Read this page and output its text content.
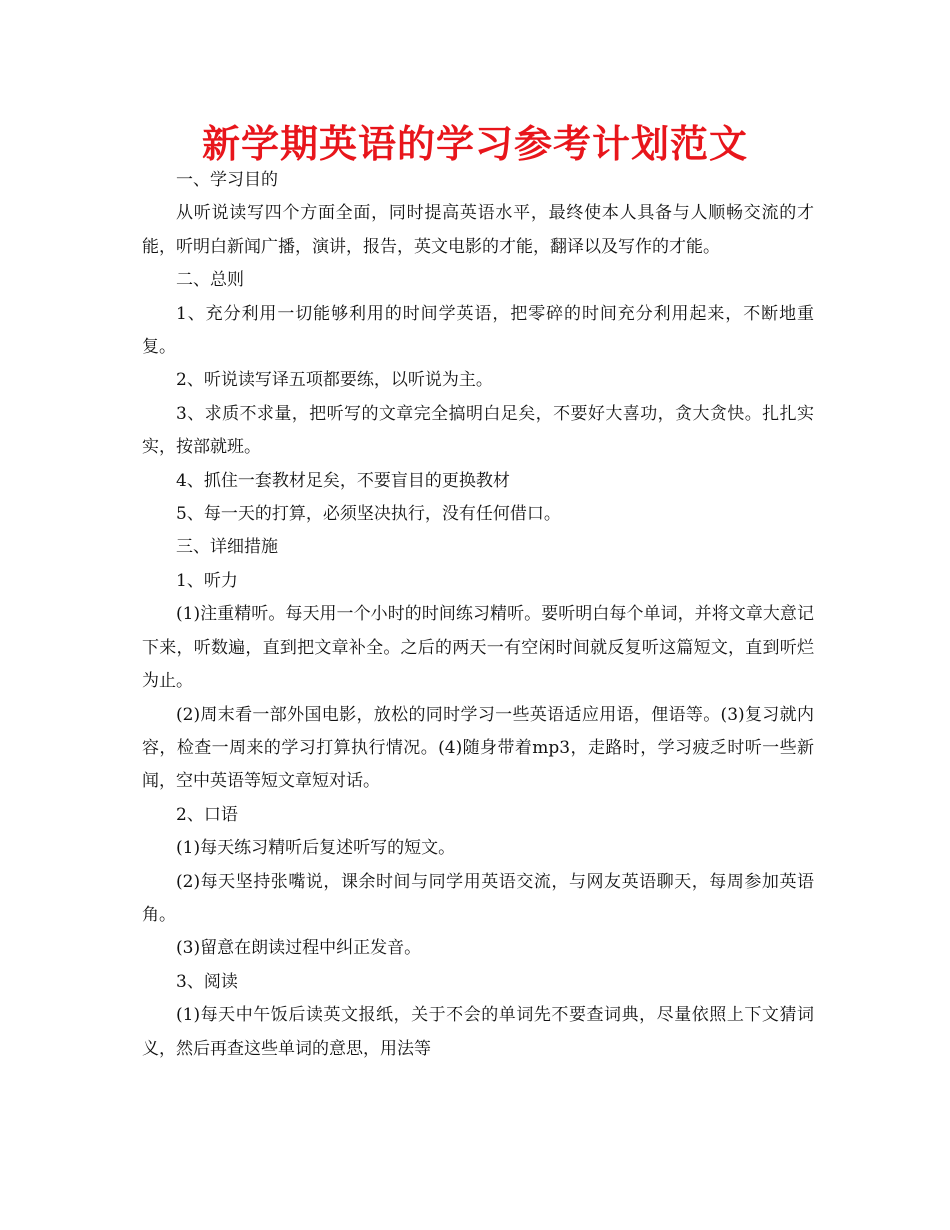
新学期英语的学习参考计划范文

一、学习目的

从听说读写四个方面全面，同时提高英语水平，最终使本人具备与人顺畅交流的才能，听明白新闻广播，演讲，报告，英文电影的才能，翻译以及写作的才能。

二、总则

1、充分利用一切能够利用的时间学英语，把零碎的时间充分利用起来，不断地重复。

2、听说读写译五项都要练，以听说为主。

3、求质不求量，把听写的文章完全搞明白足矣，不要好大喜功，贪大贪快。扎扎实实，按部就班。

4、抓住一套教材足矣，不要盲目的更换教材

5、每一天的打算，必须坚决执行，没有任何借口。

三、详细措施

1、听力

(1)注重精听。每天用一个小时的时间练习精听。要听明白每个单词，并将文章大意记下来，听数遍，直到把文章补全。之后的两天一有空闲时间就反复听这篇短文，直到听烂为止。

(2)周末看一部外国电影，放松的同时学习一些英语适应用语，俚语等。(3)复习就内容，检查一周来的学习打算执行情况。(4)随身带着mp3，走路时，学习疲乏时听一些新闻，空中英语等短文章短对话。

2、口语

(1)每天练习精听后复述听写的短文。

(2)每天坚持张嘴说，课余时间与同学用英语交流，与网友英语聊天，每周参加英语角。

(3)留意在朗读过程中纠正发音。

3、阅读

(1)每天中午饭后读英文报纸，关于不会的单词先不要查词典，尽量依照上下文猜词义，然后再查这些单词的意思，用法等
